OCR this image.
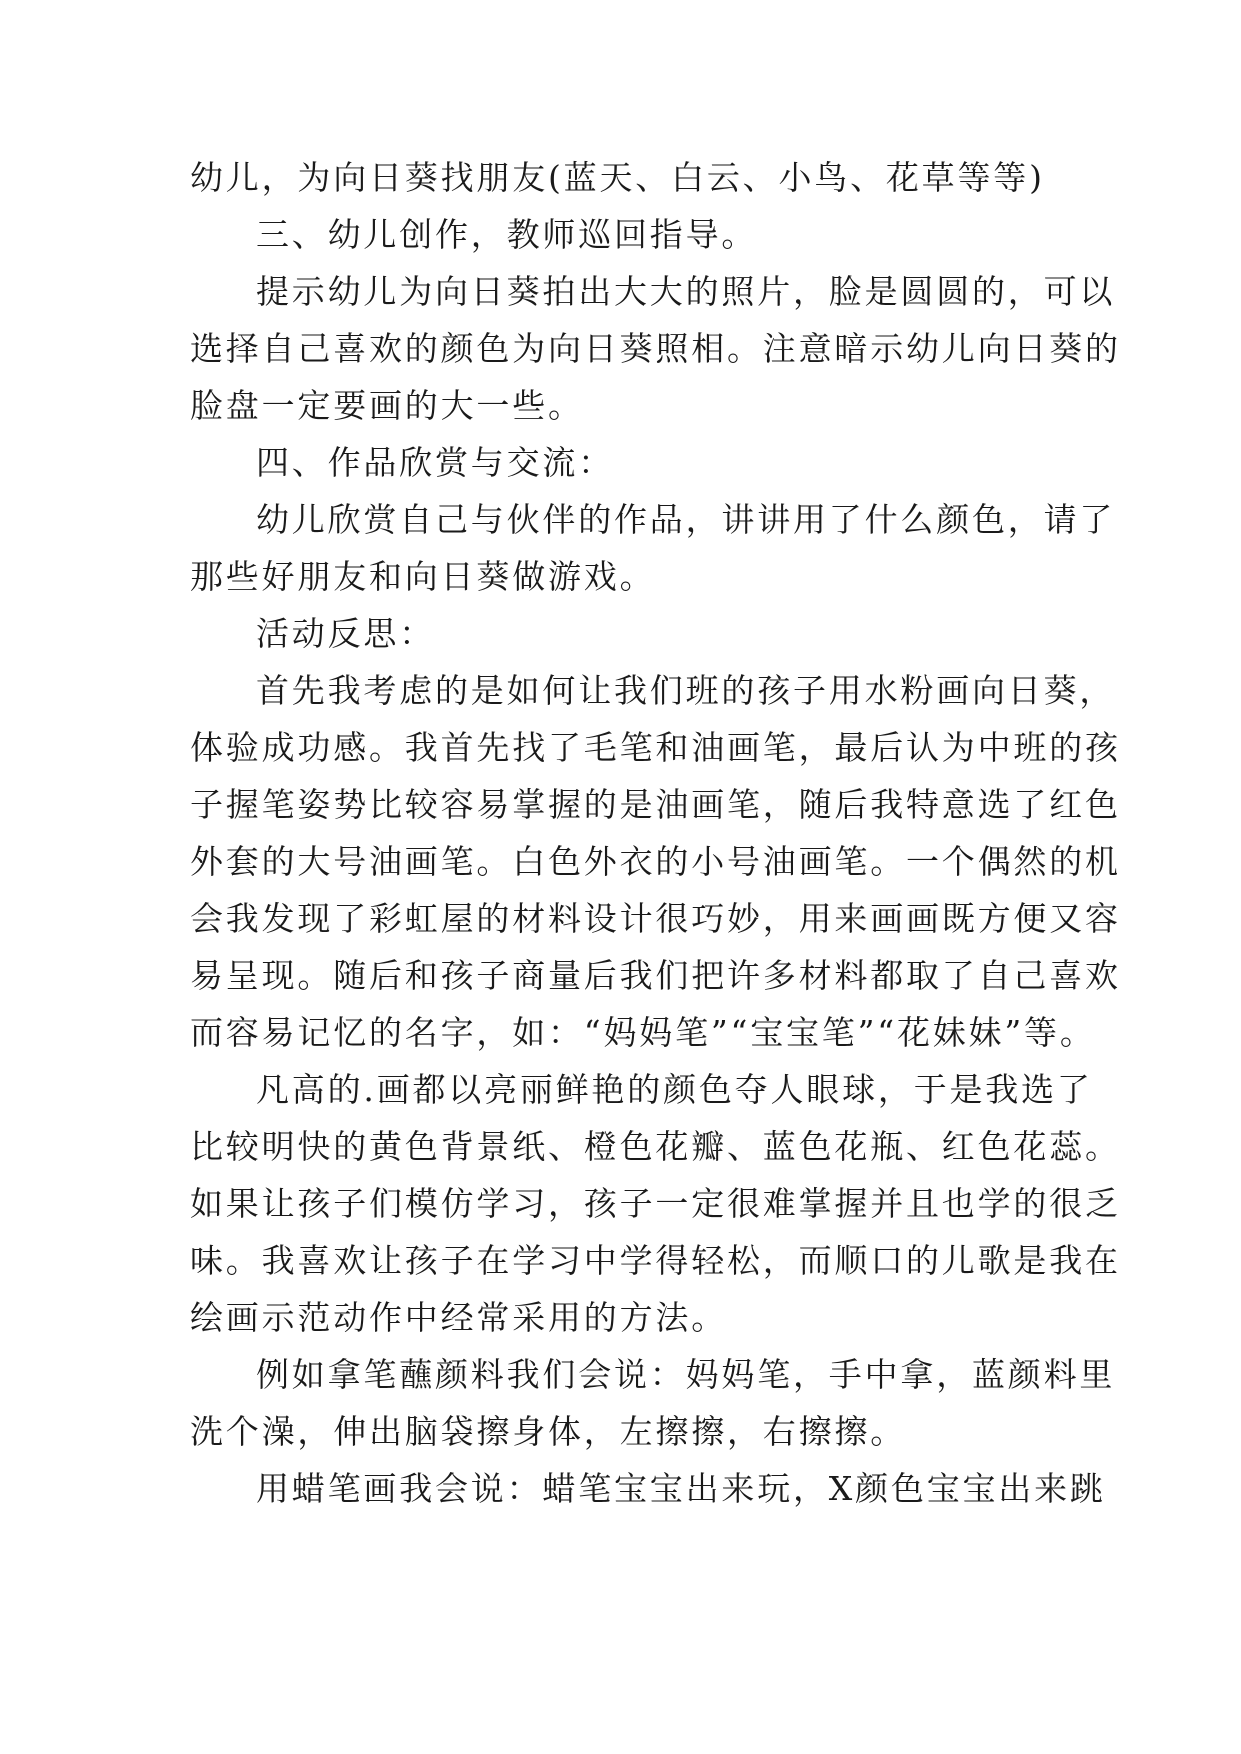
幼儿，为向日葵找朋友(蓝天、白云、小鸟、花草等等)
三、幼儿创作，教师巡回指导。
提示幼儿为向日葵拍出大大的照片，脸是圆圆的，可以
选择自己喜欢的颜色为向日葵照相。注意暗示幼儿向日葵的
脸盘一定要画的大一些。
四、作品欣赏与交流：
幼儿欣赏自己与伙伴的作品，讲讲用了什么颜色，请了
那些好朋友和向日葵做游戏。
活动反思：
首先我考虑的是如何让我们班的孩子用水粉画向日葵，
体验成功感。我首先找了毛笔和油画笔，最后认为中班的孩
子握笔姿势比较容易掌握的是油画笔，随后我特意选了红色
外套的大号油画笔。白色外衣的小号油画笔。一个偶然的机
会我发现了彩虹屋的材料设计很巧妙，用来画画既方便又容
易呈现。随后和孩子商量后我们把许多材料都取了自己喜欢
而容易记忆的名字，如：“妈妈笔”“宝宝笔”“花妹妹”等。
凡高的.画都以亮丽鲜艳的颜色夺人眼球，于是我选了
比较明快的黄色背景纸、橙色花瓣、蓝色花瓶、红色花蕊。
如果让孩子们模仿学习，孩子一定很难掌握并且也学的很乏
味。我喜欢让孩子在学习中学得轻松，而顺口的儿歌是我在
绘画示范动作中经常采用的方法。
例如拿笔蘸颜料我们会说：妈妈笔，手中拿，蓝颜料里
洗个澡，伸出脑袋擦身体，左擦擦，右擦擦。
用蜡笔画我会说：蜡笔宝宝出来玩，X颜色宝宝出来跳
